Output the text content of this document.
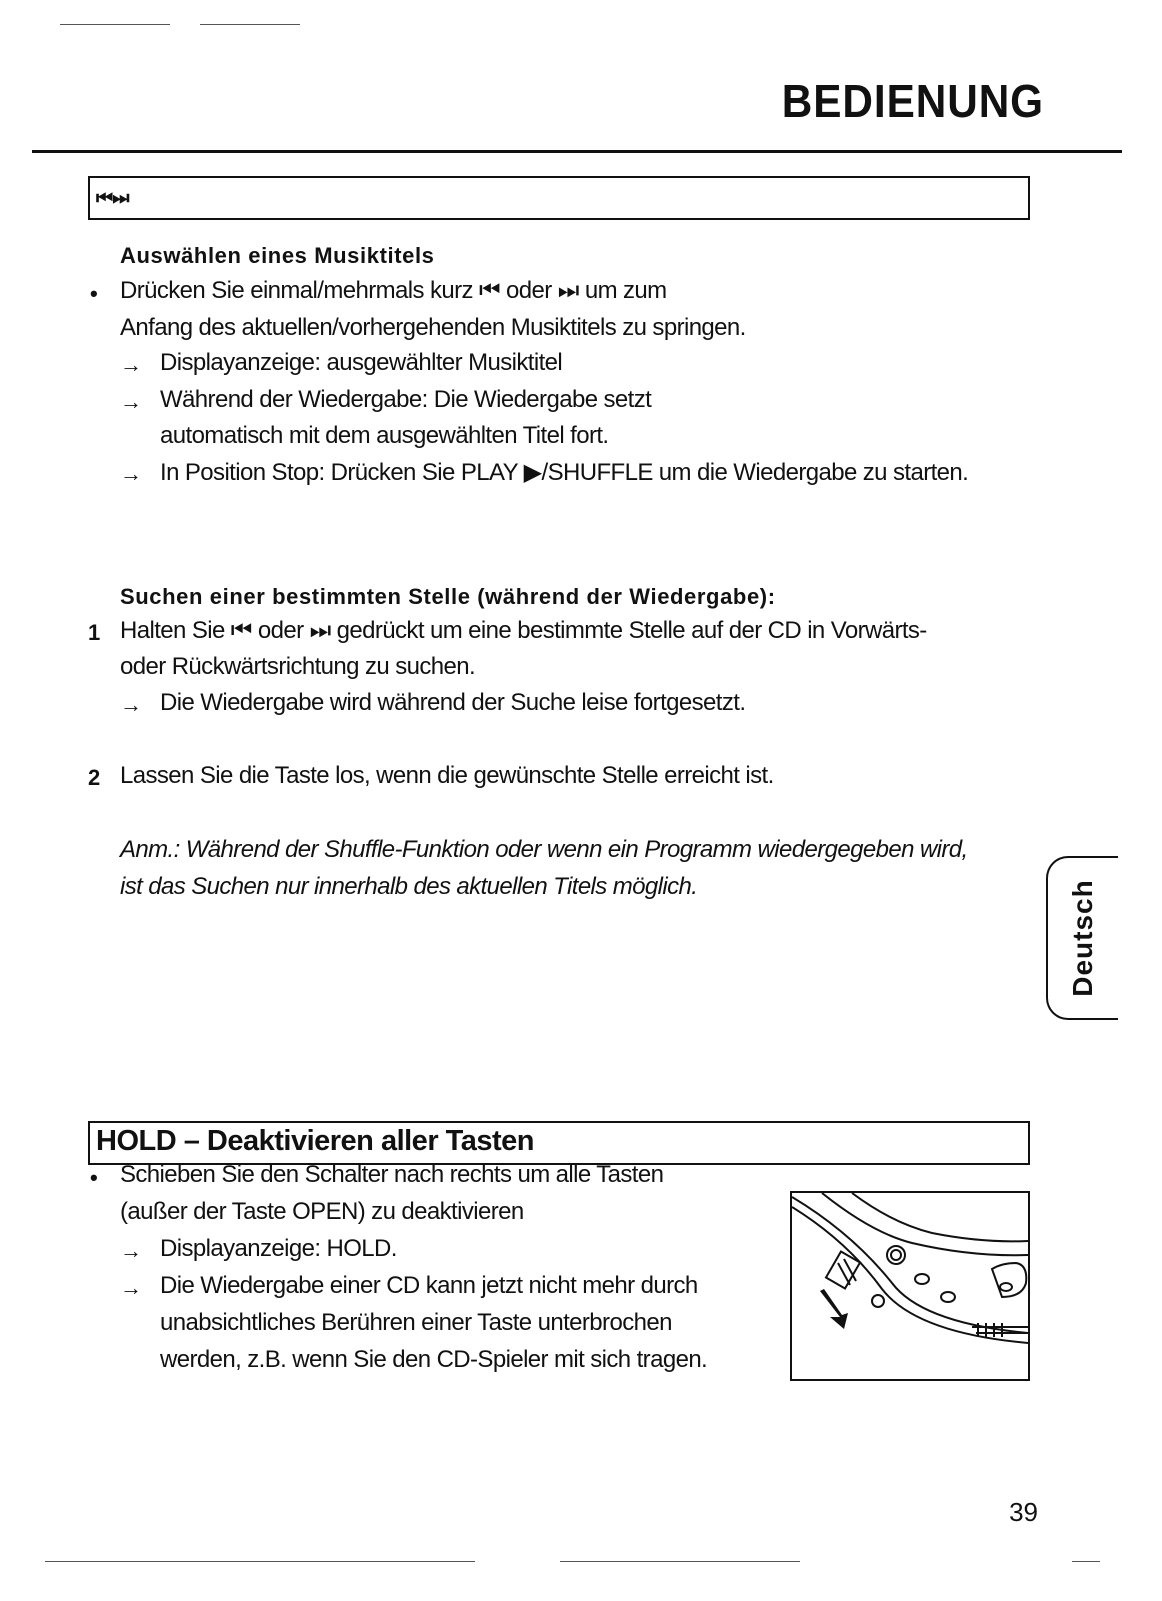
BEDIENUNG
⏮ ⏭
Auswählen eines Musiktitels
• Drücken Sie einmal/mehrmals kurz ⏮ oder ⏭ um zum
Anfang des aktuellen/vorhergehenden Musiktitels zu springen.
→ Displayanzeige: ausgewählter Musiktitel
→ Während der Wiedergabe: Die Wiedergabe setzt
automatisch mit dem ausgewählten Titel fort.
→ In Position Stop: Drücken Sie PLAY ▶/SHUFFLE um die Wiedergabe zu starten.
Suchen einer bestimmten Stelle (während der Wiedergabe):
1 Halten Sie ⏮ oder ⏭ gedrückt um eine bestimmte Stelle auf der CD in Vorwärts-
oder Rückwärtsrichtung zu suchen.
→ Die Wiedergabe wird während der Suche leise fortgesetzt.
2 Lassen Sie die Taste los, wenn die gewünschte Stelle erreicht ist.
Anm.: Während der Shuffle-Funktion oder wenn ein Programm wiedergegeben wird,
ist das Suchen nur innerhalb des aktuellen Titels möglich.	Deutsch
HOLD – Deaktivieren aller Tasten
• Schieben Sie den Schalter nach rechts um alle Tasten
(außer der Taste OPEN) zu deaktivieren
→ Displayanzeige: HOLD.
→ Die Wiedergabe einer CD kann jetzt nicht mehr durch
unabsichtliches Berühren einer Taste unterbrochen
werden, z.B. wenn Sie den CD-Spieler mit sich tragen.
39
